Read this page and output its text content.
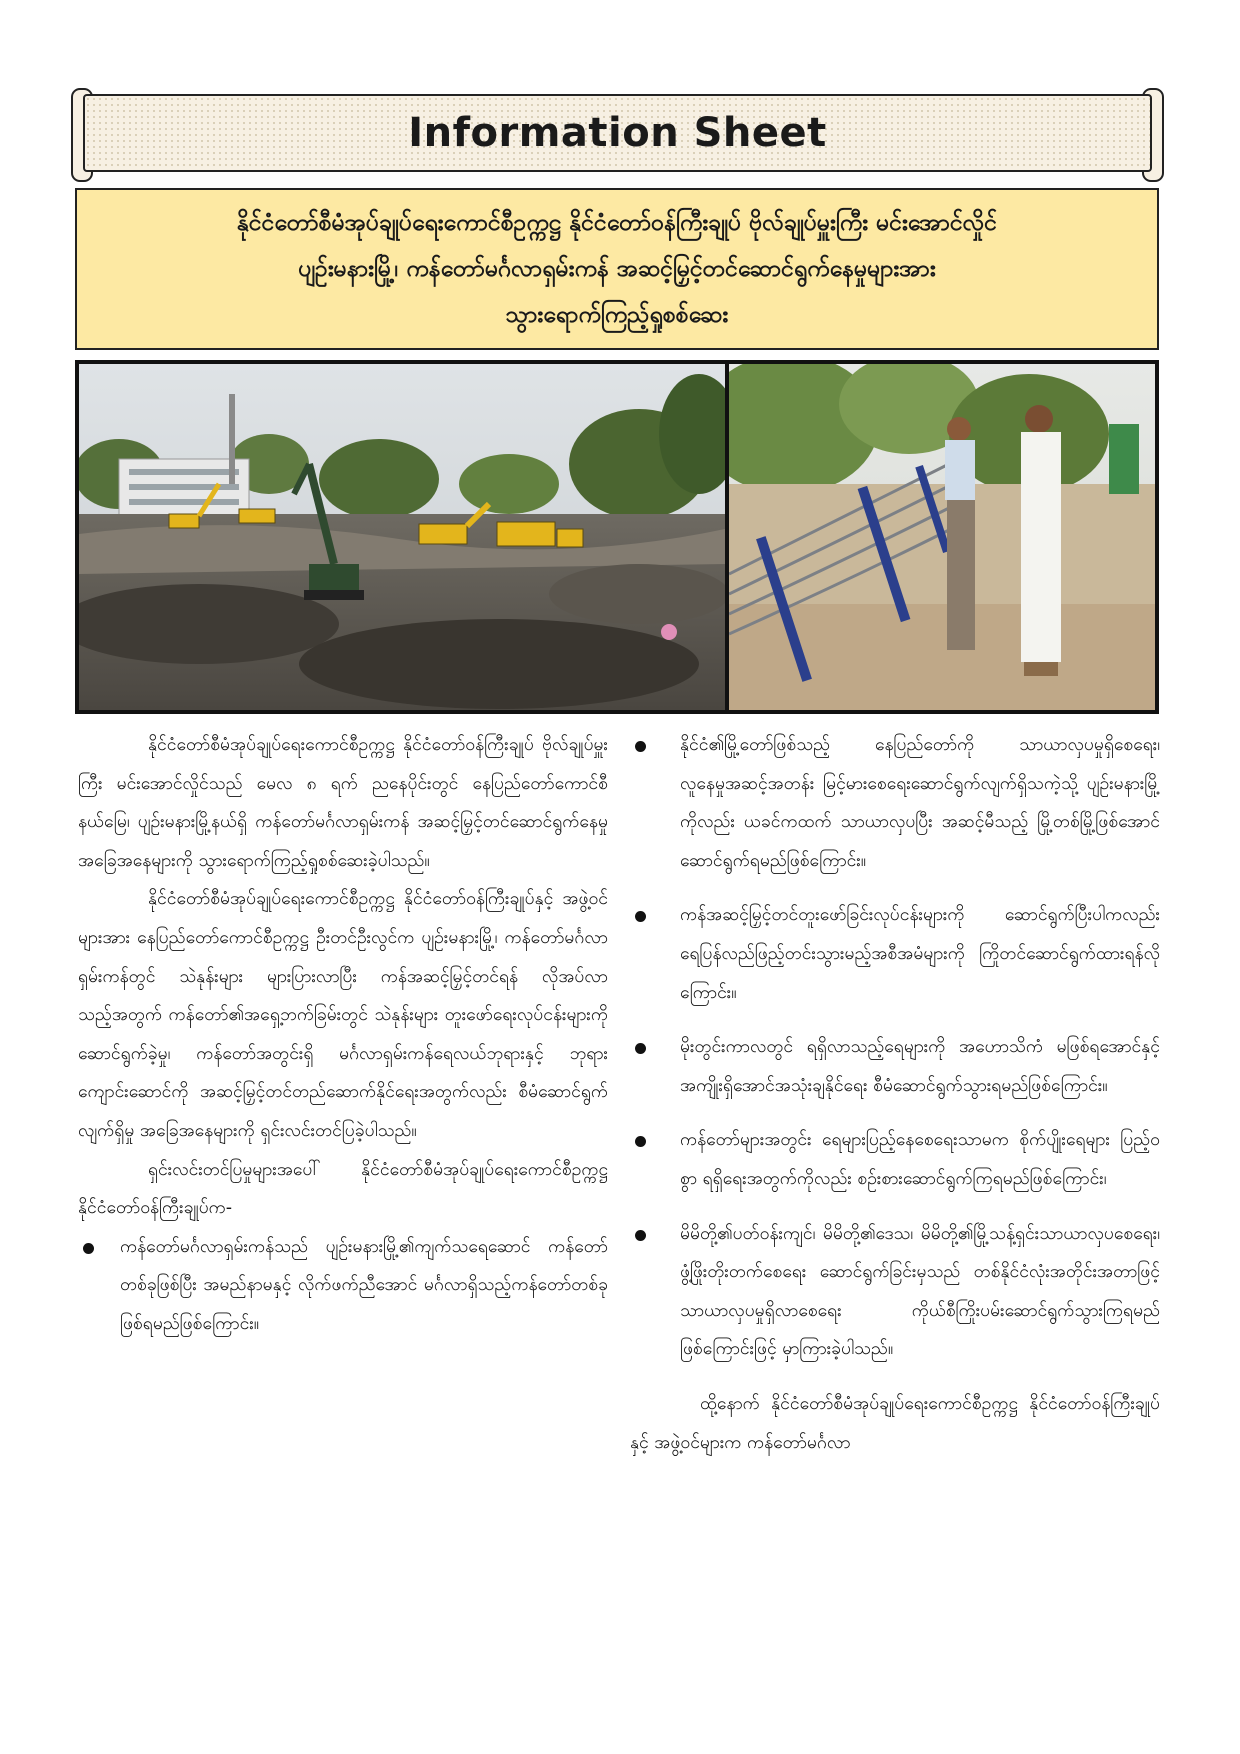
Information Sheet
နိုင်ငံတော်စီမံအုပ်ချုပ်ရေးကောင်စီဥက္ကဋ္ဌ နိုင်ငံတော်ဝန်ကြီးချုပ် ဗိုလ်ချုပ်မှူးကြီး မင်းအောင်လှိုင်
ပျဉ်းမနားမြို့၊ ကန်တော်မင်္ဂလာရှမ်းကန် အဆင့်မြှင့်တင်ဆောင်ရွက်နေမှုများအား
သွားရောက်ကြည့်ရှုစစ်ဆေး

နိုင်ငံတော်စီမံအုပ်ချုပ်ရေးကောင်စီဥက္ကဋ္ဌ နိုင်ငံတော်ဝန်ကြီးချုပ် ဗိုလ်ချုပ်မှူးကြီး မင်းအောင်လှိုင်သည် မေလ ၈ ရက် ညနေပိုင်းတွင် နေပြည်တော်ကောင်စီနယ်မြေ၊ ပျဉ်းမနားမြို့နယ်ရှိ ကန်တော်မင်္ဂလာရှမ်းကန် အဆင့်မြှင့်တင်ဆောင်ရွက်နေမှုအခြေအနေများကို သွားရောက်ကြည့်ရှုစစ်ဆေးခဲ့ပါသည်။

နိုင်ငံတော်စီမံအုပ်ချုပ်ရေးကောင်စီဥက္ကဋ္ဌ နိုင်ငံတော်ဝန်ကြီးချုပ်နှင့် အဖွဲ့ဝင်များအား နေပြည်တော်ကောင်စီဥက္ကဋ္ဌ ဦးတင်ဦးလွင်က ပျဉ်းမနားမြို့၊ ကန်တော်မင်္ဂလာ ရှမ်းကန်တွင် သဲနုန်းများ များပြားလာပြီး ကန်အဆင့်မြှင့်တင်ရန် လိုအပ်လာသည့်အတွက် ကန်တော်၏အရှေ့ဘက်ခြမ်းတွင် သဲနုန်းများ တူးဖော်ရေးလုပ်ငန်းများကို ဆောင်ရွက်ခဲ့မှု၊ ကန်တော်အတွင်းရှိ မင်္ဂလာရှမ်းကန်ရေလယ်ဘုရားနှင့် ဘုရားကျောင်းဆောင်ကို အဆင့်မြှင့်တင်တည်ဆောက်နိုင်ရေးအတွက်လည်း စီမံဆောင်ရွက်လျက်ရှိမှု အခြေအနေများကို ရှင်းလင်းတင်ပြခဲ့ပါသည်။

ရှင်းလင်းတင်ပြမှုများအပေါ် နိုင်ငံတော်စီမံအုပ်ချုပ်ရေးကောင်စီဥက္ကဋ္ဌ နိုင်ငံတော်ဝန်ကြီးချုပ်က-

ကန်တော်မင်္ဂလာရှမ်းကန်သည် ပျဉ်းမနားမြို့၏ကျက်သရေဆောင် ကန်တော်တစ်ခုဖြစ်ပြီး အမည်နာမနှင့် လိုက်ဖက်ညီအောင် မင်္ဂလာရှိသည့်ကန်တော်တစ်ခုဖြစ်ရမည်ဖြစ်ကြောင်း။
နိုင်ငံ၏မြို့တော်ဖြစ်သည့် နေပြည်တော်ကို သာယာလှပမှုရှိစေရေး၊ လူနေမှုအဆင့်အတန်း မြင့်မားစေရေးဆောင်ရွက်လျက်ရှိသကဲ့သို့ ပျဉ်းမနားမြို့ကိုလည်း ယခင်ကထက် သာယာလှပပြီး အဆင့်မီသည့် မြို့တစ်မြို့ဖြစ်အောင် ဆောင်ရွက်ရမည်ဖြစ်ကြောင်း။
ကန်အဆင့်မြှင့်တင်တူးဖော်ခြင်းလုပ်ငန်းများကို ဆောင်ရွက်ပြီးပါကလည်း ရေပြန်လည်ဖြည့်တင်းသွားမည့်အစီအမံများကို ကြိုတင်ဆောင်ရွက်ထားရန်လိုကြောင်း။
မိုးတွင်းကာလတွင် ရရှိလာသည့်ရေများကို အဟောသိကံ မဖြစ်ရအောင်နှင့် အကျိုးရှိအောင်အသုံးချနိုင်ရေး စီမံဆောင်ရွက်သွားရမည်ဖြစ်ကြောင်း။
ကန်တော်များအတွင်း ရေများပြည့်နေစေရေးသာမက စိုက်ပျိုးရေများ ပြည့်ဝစွာ ရရှိရေးအတွက်ကိုလည်း စဉ်းစားဆောင်ရွက်ကြရမည်ဖြစ်ကြောင်း၊
မိမိတို့၏ပတ်ဝန်းကျင်၊ မိမိတို့၏ဒေသ၊ မိမိတို့၏မြို့သန့်ရှင်းသာယာလှပစေရေး၊ ဖွံ့ဖြိုးတိုးတက်စေရေး ဆောင်ရွက်ခြင်းမှသည် တစ်နိုင်ငံလုံးအတိုင်းအတာဖြင့် သာယာလှပမှုရှိလာစေရေး ကိုယ်စီကြိုးပမ်းဆောင်ရွက်သွားကြရမည်ဖြစ်ကြောင်းဖြင့် မှာကြားခဲ့ပါသည်။

ထို့နောက် နိုင်ငံတော်စီမံအုပ်ချုပ်ရေးကောင်စီဥက္ကဋ္ဌ နိုင်ငံတော်ဝန်ကြီးချုပ်နှင့် အဖွဲ့ဝင်များက ကန်တော်မင်္ဂလာ
